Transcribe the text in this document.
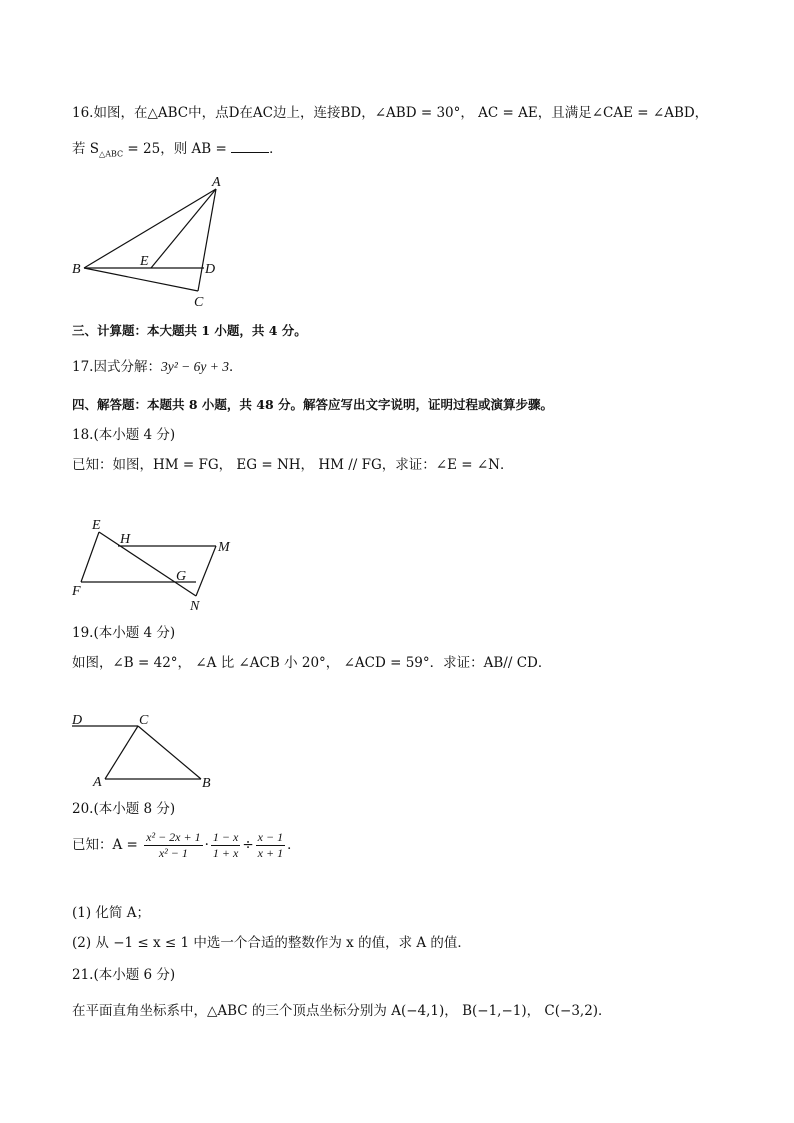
16.如图，在△ABC中，点D在AC边上，连接BD，∠ABD = 30°， AC = AE，且满足∠CAE = ∠ABD，
若 $S_{\triangle ABC} = 25$，则 AB =	．
A
B
E
D
C
三、计算题：本大题共 1 小题，共 4 分。
17.因式分解：3y² − 6y + 3．
四、解答题：本题共 8 小题，共 48 分。解答应写出文字说明，证明过程或演算步骤。
18.(本小题 4 分)
已知：如图，HM = FG， EG = NH， HM // FG，求证：∠E = ∠N．
E
H
M
F
G
N
19.(本小题 4 分)
如图，∠B = 42°， ∠A 比 ∠ACB 小 20°， ∠ACD = 59°．求证：AB// CD．
D	C
A	B
20.(本小题 8 分)
已知：$A = \frac{\text{x² − 2x + 1}}{\text{x² − 1}} \cdot \frac{1 - x}{1 + x} \div \frac{x - 1}{x + 1}$ ．
(1) 化简 A；
(2) 从 −1 ≤ x ≤ 1 中选一个合适的整数作为 x 的值，求 A 的值．
21.(本小题 6 分)
在平面直角坐标系中，△ABC 的三个顶点坐标分别为 A(−4,1)， B(−1,−1)， C(−3,2)．
